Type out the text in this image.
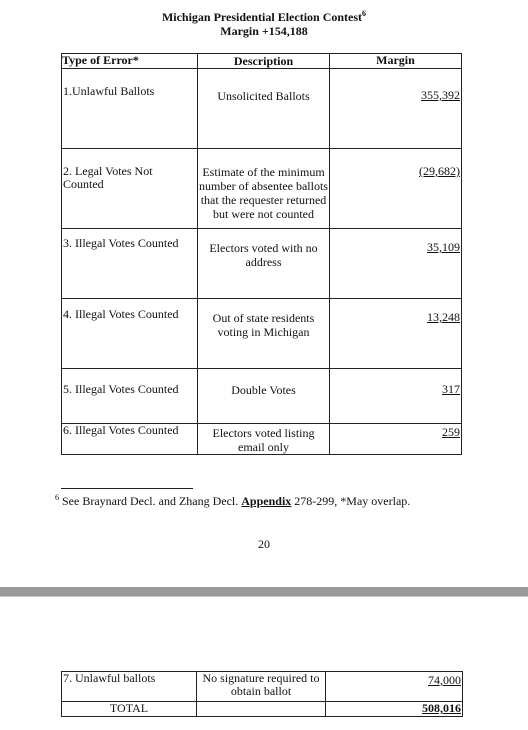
Michigan Presidential Election Contest$^6$
Margin +154,188
Type of Error*	Description	Margin
1.Unlawful Ballots	Unsolicited Ballots	355,392
2. Legal Votes Not Counted	Estimate of the minimum number of absentee ballots that the requester returned but were not counted	(29,682)
3. Illegal Votes Counted	Electors voted with no address	35,109
4. Illegal Votes Counted	Out of state residents voting in Michigan	13,248
5. Illegal Votes Counted	Double Votes	317
6. Illegal Votes Counted	Electors voted listing email only	259
$^6$ See Braynard Decl. and Zhang Decl. Appendix 278-299, *May overlap.
20
7. Unlawful ballots	No signature required to obtain ballot	74,000
TOTAL		508,016
